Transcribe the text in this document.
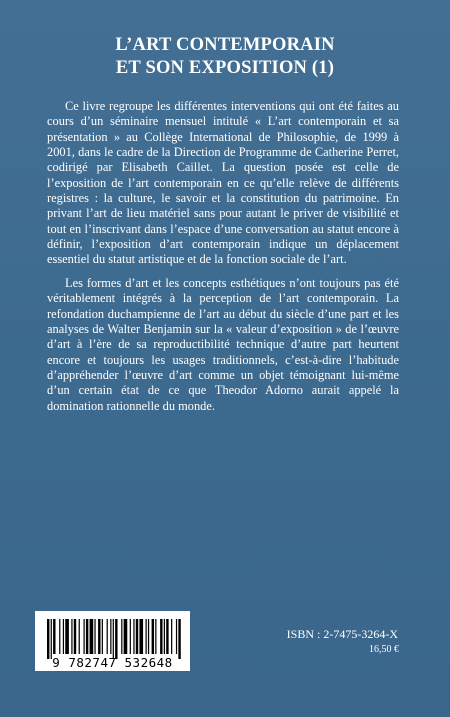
L’ART CONTEMPORAIN
ET SON EXPOSITION (1)

Ce livre regroupe les différentes interventions qui ont été faites au cours d’un séminaire mensuel intitulé « L’art contemporain et sa présentation » au Collège International de Philosophie, de 1999 à 2001, dans le cadre de la Direction de Programme de Catherine Perret, codirigé par Elisabeth Caillet. La question posée est celle de l’exposition de l’art contemporain en ce qu’elle relève de différents registres : la culture, le savoir et la constitution du patrimoine. En privant l’art de lieu matériel sans pour autant le priver de visibilité et tout en l’inscrivant dans l’espace d’une conversation au statut encore à définir, l’exposition d’art contemporain indique un déplacement essentiel du statut artistique et de la fonction sociale de l’art.

Les formes d’art et les concepts esthétiques n’ont toujours pas été véritablement intégrés à la perception de l’art contemporain. La refondation duchampienne de l’art au début du siècle d’une part et les analyses de Walter Benjamin sur la « valeur d’exposition » de l’œuvre d’art à l’ère de sa reproductibilité technique d’autre part heurtent encore et toujours les usages traditionnels, c’est-à-dire l’habitude d’appréhender l’œuvre d’art comme un objet témoignant lui-même d’un certain état de ce que Theodor Adorno aurait appelé la domination rationnelle du monde.

9 782747 532648
ISBN : 2-7475-3264-X
16,50 €
